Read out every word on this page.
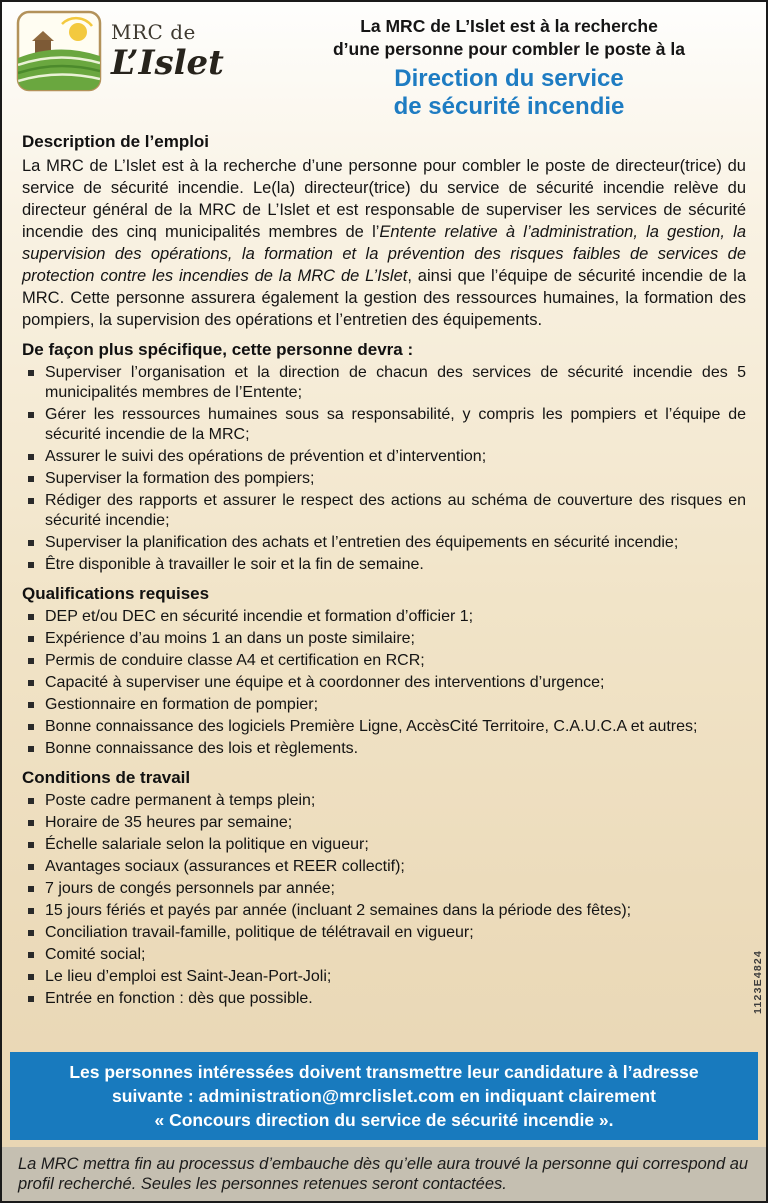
MRC de
L’Islet
La MRC de L’Islet est à la recherche
d’une personne pour combler le poste à la
Direction du service
de sécurité incendie
Description de l’emploi

La MRC de L’Islet est à la recherche d’une personne pour combler le poste de directeur(trice) du service de sécurité incendie. Le(la) directeur(trice) du service de sécurité incendie relève du directeur général de la MRC de L’Islet et est responsable de superviser les services de sécurité incendie des cinq municipalités membres de l’Entente relative à l’administration, la gestion, la supervision des opérations, la formation et la prévention des risques faibles de services de protection contre les incendies de la MRC de L’Islet, ainsi que l’équipe de sécurité incendie de la MRC. Cette personne assurera également la gestion des ressources humaines, la formation des pompiers, la supervision des opérations et l’entretien des équipements.

De façon plus spécifique, cette personne devra :
Superviser l’organisation et la direction de chacun des services de sécurité incendie des 5 municipalités membres de l’Entente;
Gérer les ressources humaines sous sa responsabilité, y compris les pompiers et l’équipe de sécurité incendie de la MRC;
Assurer le suivi des opérations de prévention et d’intervention;
Superviser la formation des pompiers;
Rédiger des rapports et assurer le respect des actions au schéma de couverture des risques en sécurité incendie;
Superviser la planification des achats et l’entretien des équipements en sécurité incendie;
Être disponible à travailler le soir et la fin de semaine.
Qualifications requises
DEP et/ou DEC en sécurité incendie et formation d’officier 1;
Expérience d’au moins 1 an dans un poste similaire;
Permis de conduire classe A4 et certification en RCR;
Capacité à superviser une équipe et à coordonner des interventions d’urgence;
Gestionnaire en formation de pompier;
Bonne connaissance des logiciels Première Ligne, AccèsCité Territoire, C.A.U.C.A et autres;
Bonne connaissance des lois et règlements.
Conditions de travail
Poste cadre permanent à temps plein;
Horaire de 35 heures par semaine;
Échelle salariale selon la politique en vigueur;
Avantages sociaux (assurances et REER collectif);
7 jours de congés personnels par année;
15 jours fériés et payés par année (incluant 2 semaines dans la période des fêtes);
Conciliation travail-famille, politique de télétravail en vigueur;
Comité social;
Le lieu d’emploi est Saint-Jean-Port-Joli;
Entrée en fonction : dès que possible.	1123E4824
Les personnes intéressées doivent transmettre leur candidature à l’adresse suivante : administration@mrclislet.com en indiquant clairement
« Concours direction du service de sécurité incendie ».
La MRC mettra fin au processus d’embauche dès qu’elle aura trouvé la personne qui correspond au profil recherché. Seules les personnes retenues seront contactées.
